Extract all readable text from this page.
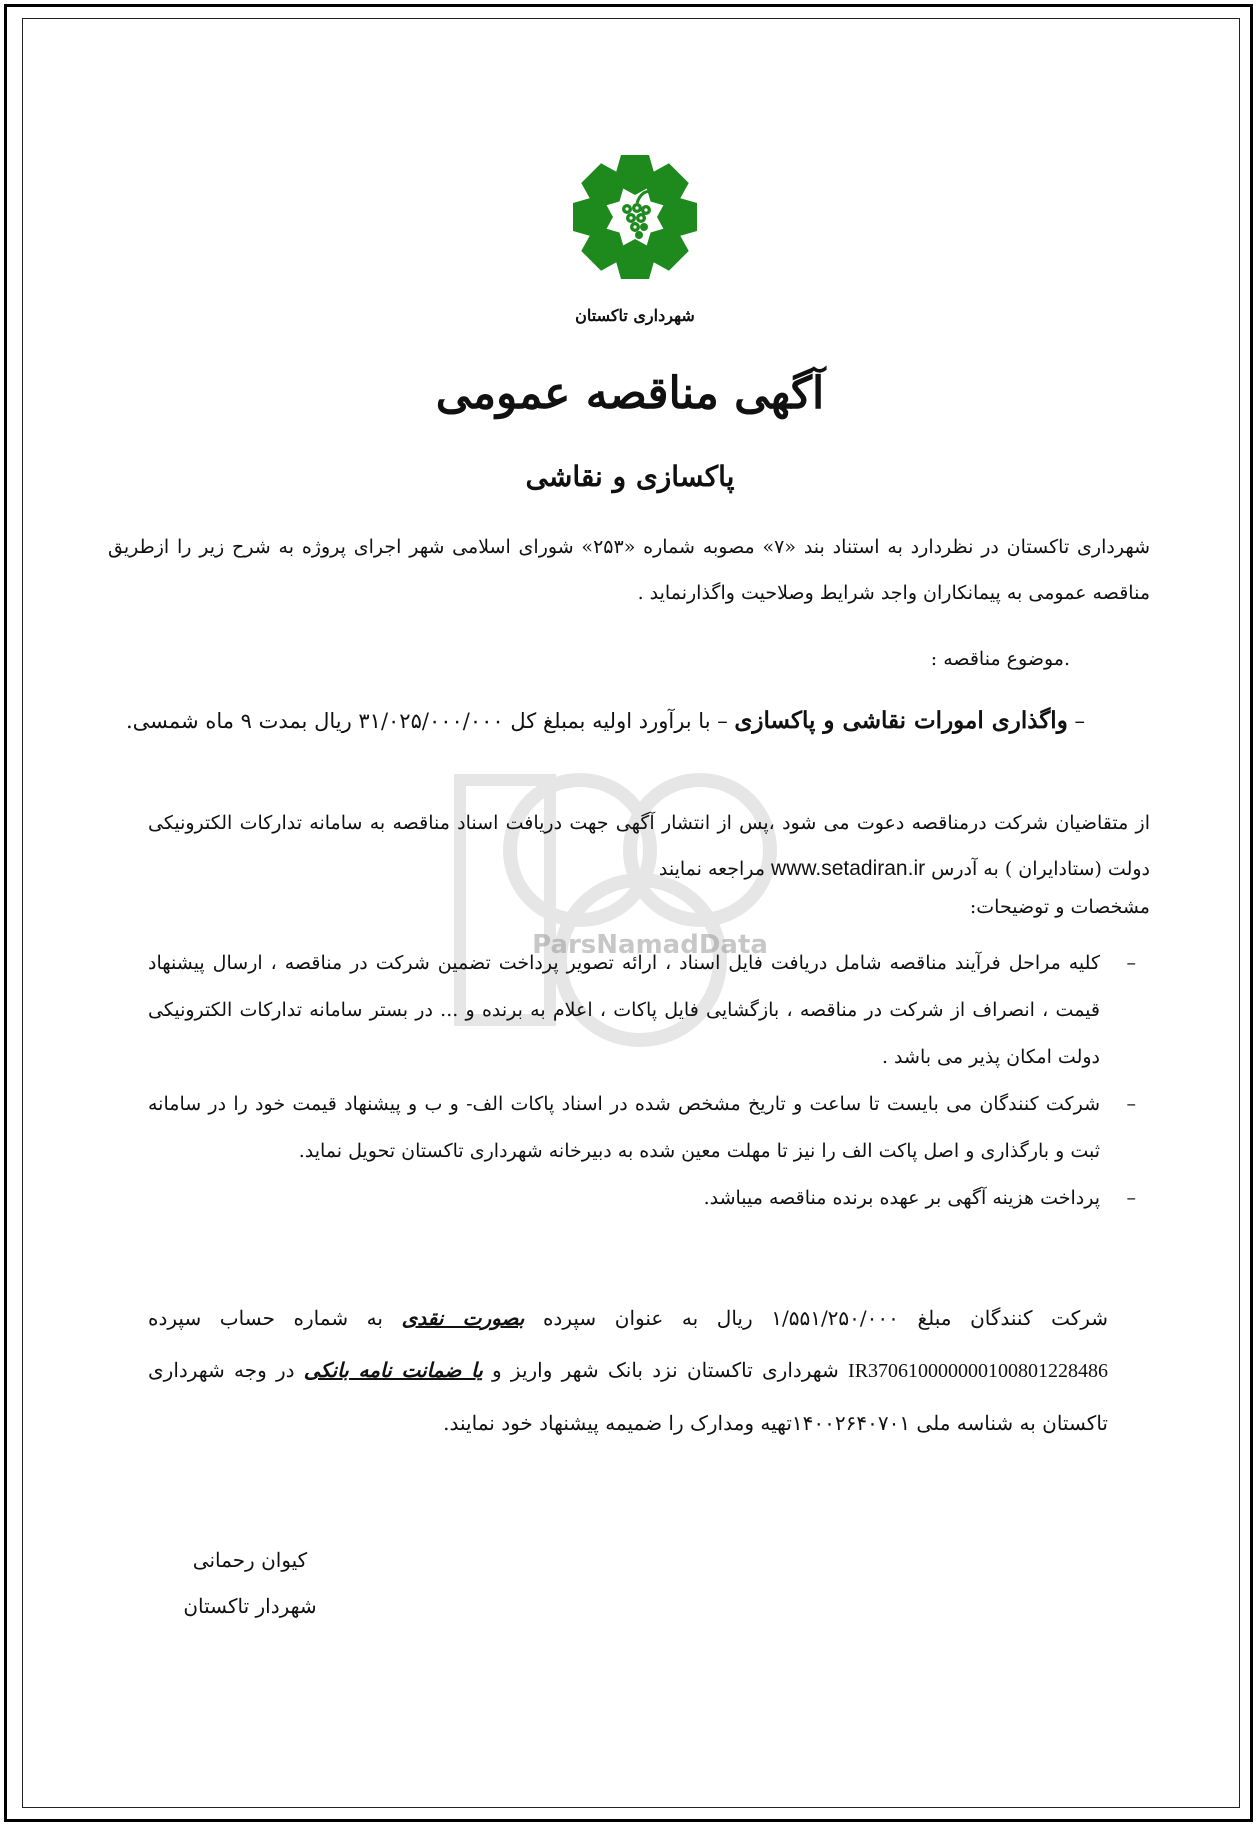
شهرداری تاکستان
آگهی مناقصه عمومی
پاکسازی و نقاشی
ParsNamadData
شهرداری تاکستان در نظردارد به استناد بند «۷» مصوبه شماره «۲۵۳» شورای اسلامی شهر اجرای پروژه به شرح زیر را ازطریق مناقصه عمومی به پیمانکاران واجد شرایط وصلاحیت واگذارنماید .
.موضوع مناقصه :
– واگذاری امورات نقاشی و پاکسازی – با برآورد اولیه بمبلغ کل ۳۱/۰۲۵/۰۰۰/۰۰۰ ریال بمدت ۹ ماه شمسی.
از متقاضیان شرکت درمناقصه دعوت می شود ،پس از انتشار آگهی جهت دریافت اسناد مناقصه به سامانه تدارکات الکترونیکی دولت (ستادایران ) به آدرس www.setadiran.ir مراجعه نمایند
مشخصات و توضیحات:
–
کلیه مراحل فرآیند مناقصه شامل دریافت فایل اسناد ، ارائه تصویر پرداخت تضمین شرکت در مناقصه ، ارسال پیشنهاد قیمت ، انصراف از شرکت در مناقصه ، بازگشایی فایل پاکات ، اعلام به برنده و ... در بستر سامانه تدارکات الکترونیکی دولت امکان پذیر می باشد .
–
شرکت کنندگان می بایست تا ساعت و تاریخ مشخص شده در اسناد پاکات الف- و ب و پیشنهاد قیمت خود را در سامانه ثبت و بارگذاری و اصل پاکت الف را نیز تا مهلت معین شده به دبیرخانه شهرداری تاکستان تحویل نماید.
–
پرداخت هزینه آگهی بر عهده برنده مناقصه میباشد.
شرکت کنندگان مبلغ ۱/۵۵۱/۲۵۰/۰۰۰ ریال به عنوان سپرده بصورت نقدی به شماره حساب سپرده IR370610000000100801228486 شهرداری تاکستان نزد بانک شهر واریز و یا ضمانت نامه بانکی در وجه شهرداری تاکستان به شناسه ملی ۱۴۰۰۲۶۴۰۷۰۱تهیه ومدارک را ضمیمه پیشنهاد خود نمایند.
کیوان رحمانی
شهردار تاکستان
